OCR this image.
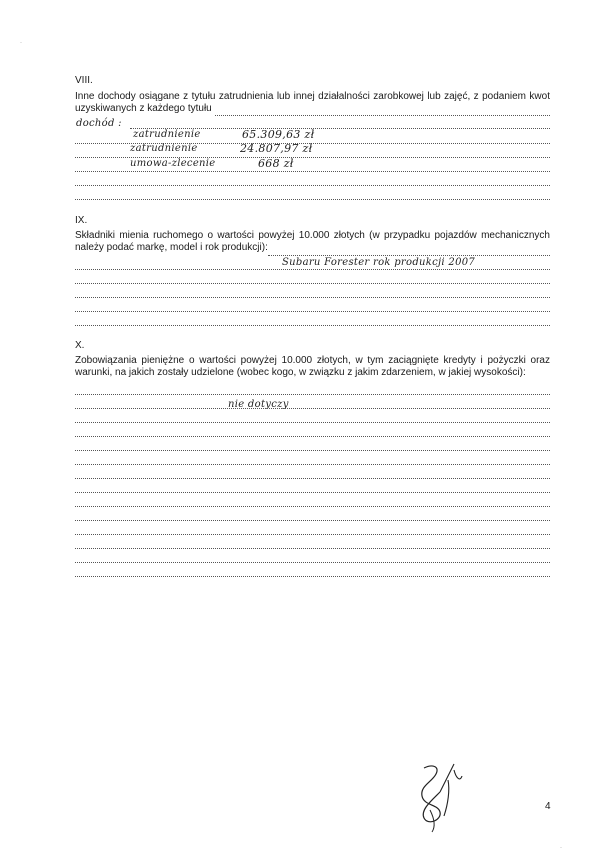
VIII.
Inne dochody osiągane z tytułu zatrudnienia lub innej działalności zarobkowej lub zajęć, z podaniem kwot uzyskiwanych z każdego tytułu
dochód :
zatrudnienie	65.309,63 zł
zatrudnienie	24.807,97 zł
umowa-zlecenie	668 zł
IX.
Składniki mienia ruchomego o wartości powyżej 10.000 złotych (w przypadku pojazdów mechanicznych należy podać markę, model i rok produkcji):
Subaru Forester rok produkcji 2007
X.
Zobowiązania pieniężne o wartości powyżej 10.000 złotych, w tym zaciągnięte kredyty i pożyczki oraz warunki, na jakich zostały udzielone (wobec kogo, w związku z jakim zdarzeniem, w jakiej wysokości):
nie dotyczy
4
·
·
